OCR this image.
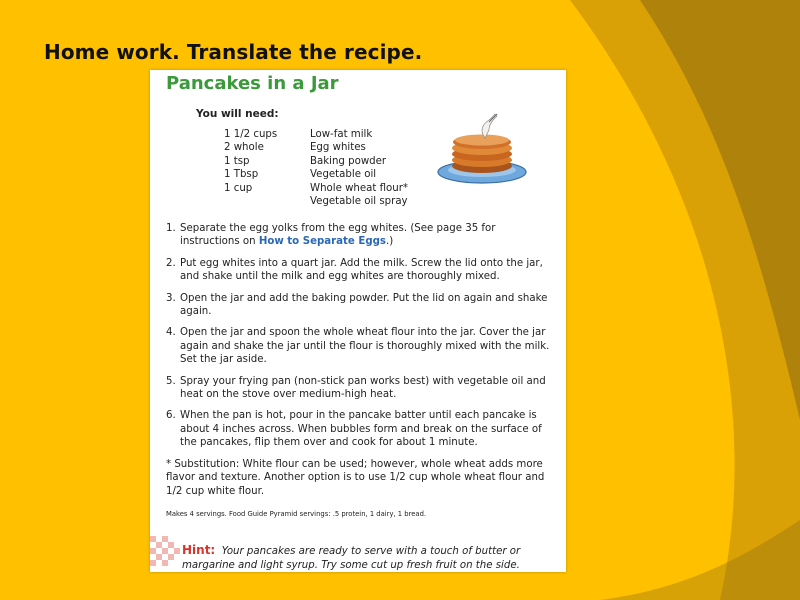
Home work. Translate the recipe.
Pancakes in a Jar
You will need:
1 1/2 cups	Low-fat milk
2 whole	Egg whites
1 tsp	Baking powder
1 Tbsp	Vegetable oil
1 cup	Whole wheat flour*
Vegetable oil spray
1. Separate the egg yolks from the egg whites. (See page 35 for instructions on How to Separate Eggs.)
2. Put egg whites into a quart jar. Add the milk. Screw the lid onto the jar, and shake until the milk and egg whites are thoroughly mixed.
3. Open the jar and add the baking powder. Put the lid on again and shake again.
4. Open the jar and spoon the whole wheat flour into the jar. Cover the jar again and shake the jar until the flour is thoroughly mixed with the milk. Set the jar aside.
5. Spray your frying pan (non-stick pan works best) with vegetable oil and heat on the stove over medium-high heat.
6. When the pan is hot, pour in the pancake batter until each pancake is about 4 inches across. When bubbles form and break on the surface of the pancakes, flip them over and cook for about 1 minute.
* Substitution: White flour can be used; however, whole wheat adds more flavor and texture. Another option is to use 1/2 cup whole wheat flour and 1/2 cup white flour.
Makes 4 servings. Food Guide Pyramid servings: .5 protein, 1 dairy, 1 bread.
Hint: Your pancakes are ready to serve with a touch of butter or margarine and light syrup. Try some cut up fresh fruit on the side.
